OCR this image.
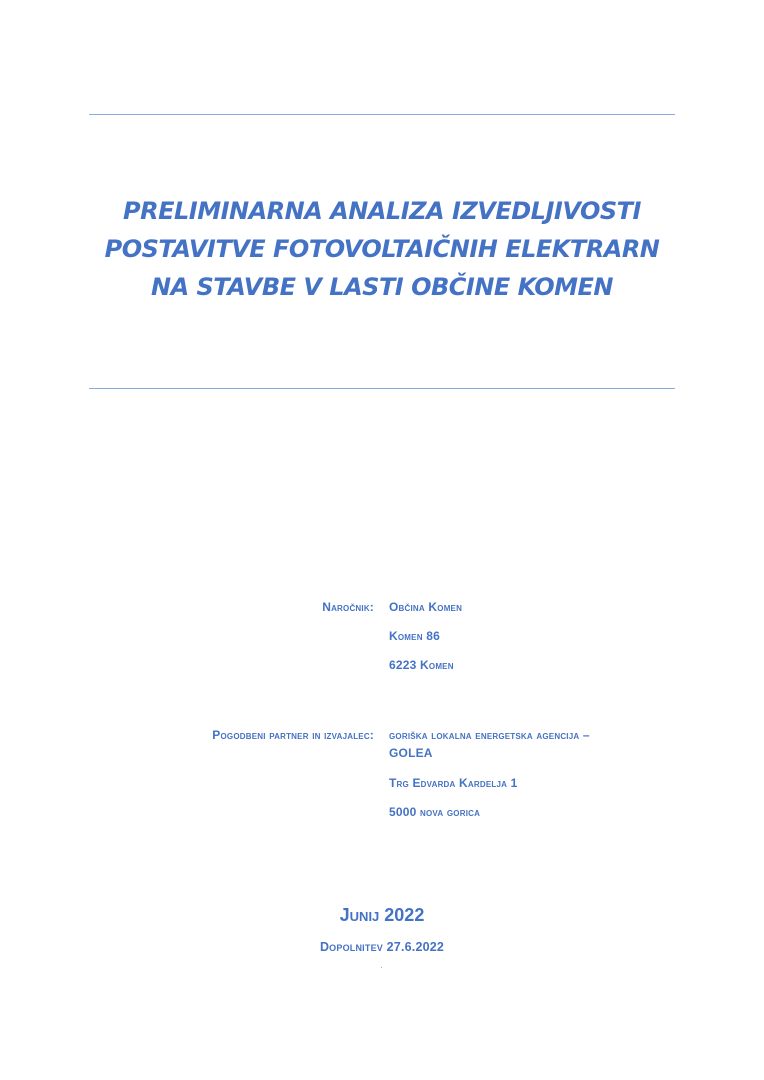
PRELIMINARNA ANALIZA IZVEDLJIVOSTI
POSTAVITVE FOTOVOLTAIČNIH ELEKTRARN
NA STAVBE V LASTI OBČINE KOMEN
Naročnik: Občina Komen
Komen 86
6223 Komen
Pogodbeni partner in izvajalec: goriška lokalna energetska agencija –
GOLEA
Trg Edvarda Kardelja 1
5000 nova gorica
Junij 2022
Dopolnitev 27.6.2022
